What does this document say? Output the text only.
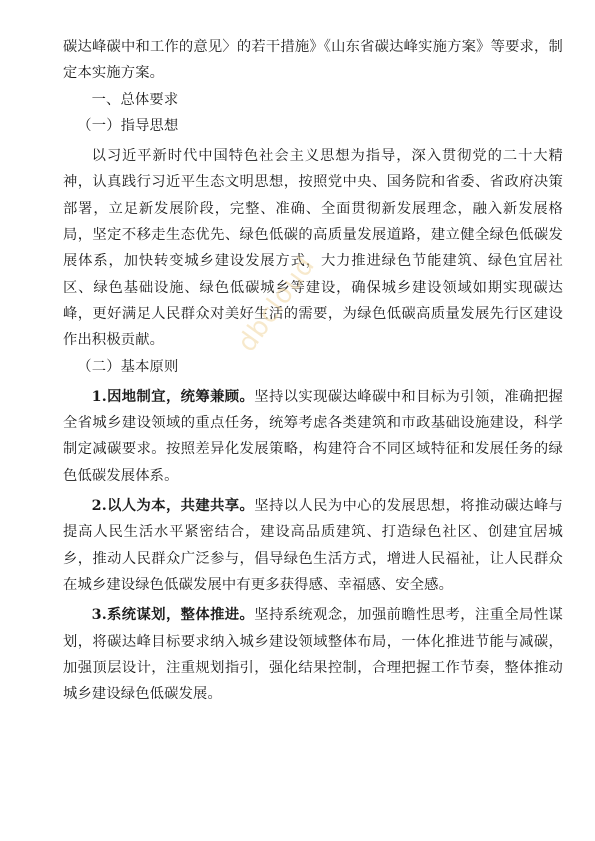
碳达峰碳中和工作的意见〉的若干措施》《山东省碳达峰实施方案》等要求，制定本实施方案。

一、总体要求

（一）指导思想

以习近平新时代中国特色社会主义思想为指导，深入贯彻党的二十大精神，认真践行习近平生态文明思想，按照党中央、国务院和省委、省政府决策部署，立足新发展阶段，完整、准确、全面贯彻新发展理念，融入新发展格局，坚定不移走生态优先、绿色低碳的高质量发展道路，建立健全绿色低碳发展体系，加快转变城乡建设发展方式，大力推进绿色节能建筑、绿色宜居社区、绿色基础设施、绿色低碳城乡等建设，确保城乡建设领域如期实现碳达峰，更好满足人民群众对美好生活的需要，为绿色低碳高质量发展先行区建设作出积极贡献。

（二）基本原则

1.因地制宜，统筹兼顾。坚持以实现碳达峰碳中和目标为引领，准确把握全省城乡建设领域的重点任务，统筹考虑各类建筑和市政基础设施建设，科学制定减碳要求。按照差异化发展策略，构建符合不同区域特征和发展任务的绿色低碳发展体系。

2.以人为本，共建共享。坚持以人民为中心的发展思想，将推动碳达峰与提高人民生活水平紧密结合，建设高品质建筑、打造绿色社区、创建宜居城乡，推动人民群众广泛参与，倡导绿色生活方式，增进人民福祉，让人民群众在城乡建设绿色低碳发展中有更多获得感、幸福感、安全感。

3.系统谋划，整体推进。坚持系统观念，加强前瞻性思考，注重全局性谋划，将碳达峰目标要求纳入城乡建设领域整体布局，一体化推进节能与减碳，加强顶层设计，注重规划指引，强化结果控制，合理把握工作节奏，整体推动城乡建设绿色低碳发展。

dbcloud
